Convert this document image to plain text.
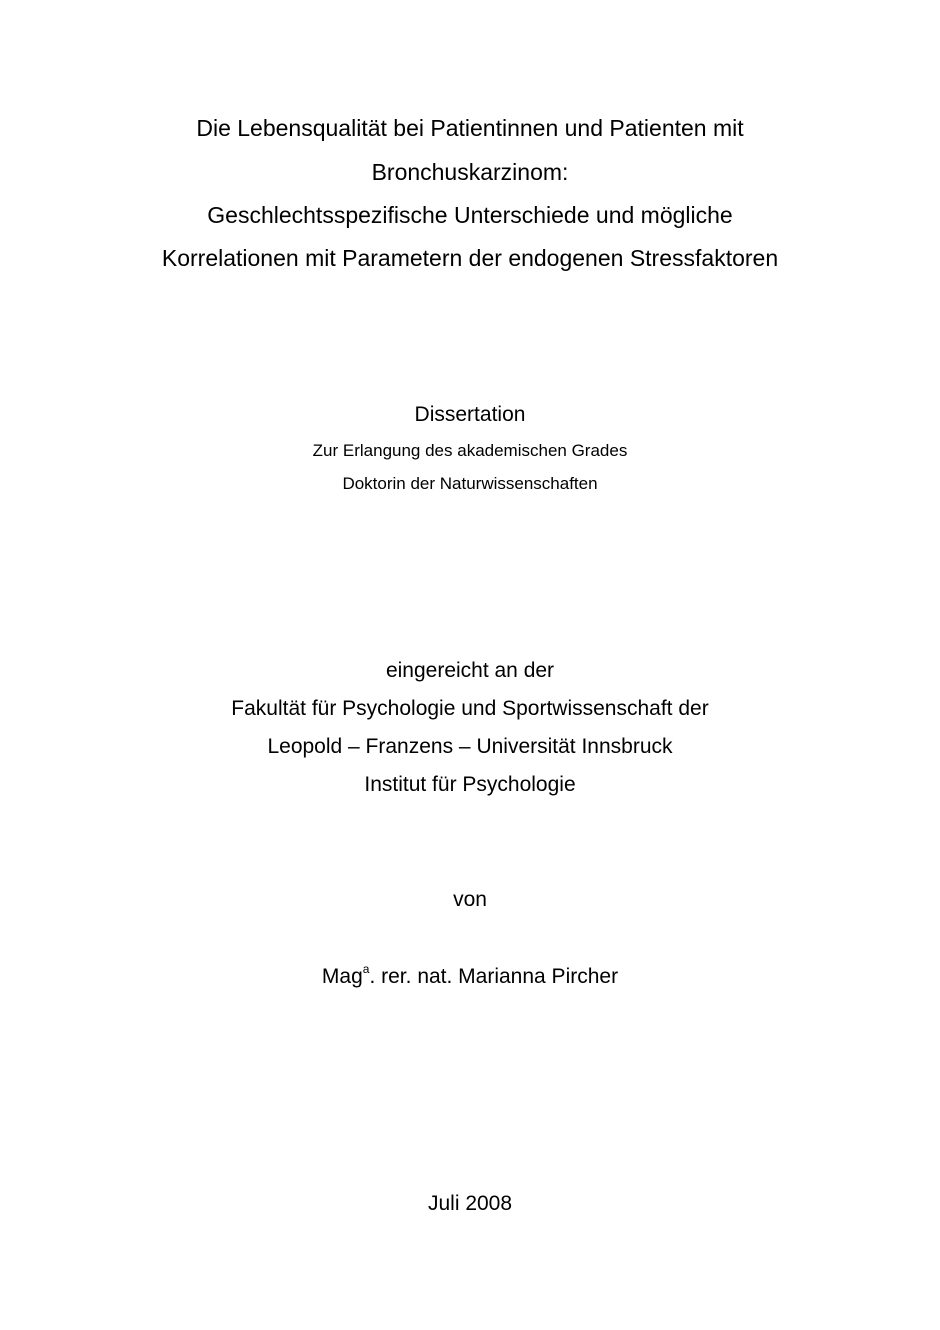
Die Lebensqualität bei Patientinnen und Patienten mit
Bronchuskarzinom:
Geschlechtsspezifische Unterschiede und mögliche
Korrelationen mit Parametern der endogenen Stressfaktoren
Dissertation
Zur Erlangung des akademischen Grades
Doktorin der Naturwissenschaften
eingereicht an der
Fakultät für Psychologie und Sportwissenschaft der
Leopold – Franzens – Universität Innsbruck
Institut für Psychologie
von
Mag$^a$. rer. nat. Marianna Pircher
Juli 2008
